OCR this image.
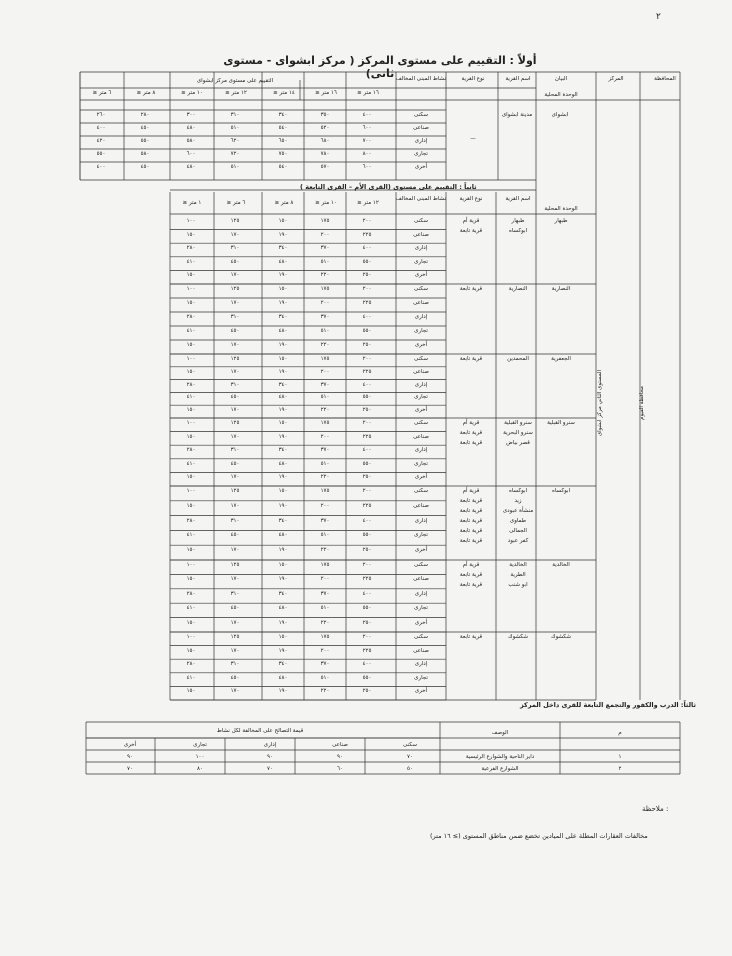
٢
أولاً : التقييم على مستوى المركز ( مركز ابشواى - مستوى ثانى)	المحافظة
المركز
البيان
الوحدة المحلية
اسم القرية
نوع القرية
نشاط المبنى المخالف
التقييم على مستوى مركز ابشواى
≥ ١٦ متر
≥ ١٦ متر
≥ ١٤ متر
≥ ١٢ متر
≥ ١٠ متر
≥ ٨ متر
≥ ٦ متر
مدينة ابشواى	ابشواى
—
سكنى
٤٠٠
٣٥٠
٣٤٠
٣١٠
٣٠٠
٢٨٠
٢٦٠
صناعى
٦٠٠
٥٢٠
٥٤٠
٥١٠
٤٨٠
٤٥٠
٤٠٠
إدارى
٧٠٠
٦٨٠
٦٥٠
٦٢٠
٥٨٠
٥٥٠
٤٢٠
تجارى
٨٠٠
٧٨٠
٧٥٠
٧٢٠
٦٠٠
٥٨٠
٥٥٠
أخرى
٦٠٠
٥٧٠
٥٤٠
٥١٠
٤٨٠
٤٥٠
٤٠٠
الوحدة المحلية
اسم القرية
نوع القرية
نشاط المبنى المخالف
≥ ١٢ متر
≥ ١٠ متر
≥ ٨ متر
≥ ٦ متر
≥ ١ متر
طبهار
طبهار
ابوكساه
قرية أم
قرية تابعة
سكنى
٢٠٠
١٧٥
١٥٠
١٢٥
١٠٠
صناعى
٢٢٥
٢٠٠
١٩٠
١٧٠
١٥٠
إدارى
٤٠٠
٣٧٠
٣٤٠
٣١٠
٢٨٠
تجارى
٥٥٠
٥١٠
٤٨٠
٤٥٠
٤١٠
أخرى
٢٥٠
٢٢٠
١٩٠
١٧٠
١٥٠
النصارية
النصارية
قرية تابعة
سكنى
٢٠٠
١٧٥
١٥٠
١٢٥
١٠٠
صناعى
٢٢٥
٢٠٠
١٩٠
١٧٠
١٥٠
إدارى
٤٠٠
٣٧٠
٣٤٠
٣١٠
٢٨٠
تجارى
٥٥٠
٥١٠
٤٨٠
٤٥٠
٤١٠
أخرى
٢٥٠
٢٢٠
١٩٠
١٧٠
١٥٠
الجعفرية
المحمدين
قرية تابعة
سكنى
٢٠٠
١٧٥
١٥٠
١٢٥
١٠٠
صناعى
٢٢٥
٢٠٠
١٩٠
١٧٠
١٥٠
إدارى
٤٠٠
٣٧٠
٣٤٠
٣١٠
٢٨٠
تجارى
٥٥٠
٥١٠
٤٨٠
٤٥٠
٤١٠
أخرى
٢٥٠
٢٢٠
١٩٠
١٧٠
١٥٠
سنرو القبلية
سنرو القبلية
سنرو البحرية
قصر بياض
قرية أم
قرية تابعة
قرية تابعة
سكنى
٢٠٠
١٧٥
١٥٠
١٢٥
١٠٠
صناعى
٢٢٥
٢٠٠
١٩٠
١٧٠
١٥٠
إدارى
٤٠٠
٣٧٠
٣٤٠
٣١٠
٢٨٠
تجارى
٥٥٠
٥١٠
٤٨٠
٤٥٠
٤١٠
أخرى
٢٥٠
٢٢٠
١٩٠
١٧٠
١٥٠
ابوكساه
ابوكساه
زيد
منشأة عبودى
طماوى
الجمالى
كفر عبود
قرية أم
قرية تابعة
قرية تابعة
قرية تابعة
قرية تابعة
قرية تابعة
سكنى
٢٠٠
١٧٥
١٥٠
١٢٥
١٠٠
صناعى
٢٢٥
٢٠٠
١٩٠
١٧٠
١٥٠
إدارى
٤٠٠
٣٧٠
٣٤٠
٣١٠
٢٨٠
تجارى
٥٥٠
٥١٠
٤٨٠
٤٥٠
٤١٠
أخرى
٢٥٠
٢٢٠
١٩٠
١٧٠
١٥٠
الخالدية
الخالدية
الطرية
ابو شنب
قرية أم
قرية تابعة
قرية تابعة
سكنى
٢٠٠
١٧٥
١٥٠
١٢٥
١٠٠
صناعى
٢٢٥
٢٠٠
١٩٠
١٧٠
١٥٠
إدارى
٤٠٠
٣٧٠
٣٤٠
٣١٠
٢٨٠
تجارى
٥٥٠
٥١٠
٤٨٠
٤٥٠
٤١٠
أخرى
٢٥٠
٢٢٠
١٩٠
١٧٠
١٥٠
شكشوك
شكشوك
قرية تابعة
سكنى
٢٠٠
١٧٥
١٥٠
١٢٥
١٠٠
صناعى
٢٢٥
٢٠٠
١٩٠
١٧٠
١٥٠
إدارى
٤٠٠
٣٧٠
٣٤٠
٣١٠
٢٨٠
تجارى
٥٥٠
٥١٠
٤٨٠
٤٥٠
٤١٠
أخرى
٢٥٠
٢٢٠
١٩٠
١٧٠
١٥٠
م
الوصف
قيمة التصالح على المخالفة لكل نشاط
سكنى
صناعى
إدارى
تجارى
أخرى
١
داير الناحية والشوارع الرئيسية
٧٠
٩٠
٩٠
١٠٠
٩٠
٢
الشوارع الفرعية
٥٠
٦٠
٧٠
٨٠
٧٠
ثانياً : التقييم على مستوى (القرى الأم – القرى التابعة )
ثالثاً: الدرب والكفور والتجمع التابعة للقرى داخل المركز
محافظة الفيوم
المستوى الثاني مركز ابشواى
ملاحظة :
مخالفات العقارات المطلة على الميادين تخضع ضمن مناطق المستوى (≥ ١٦ متر)
